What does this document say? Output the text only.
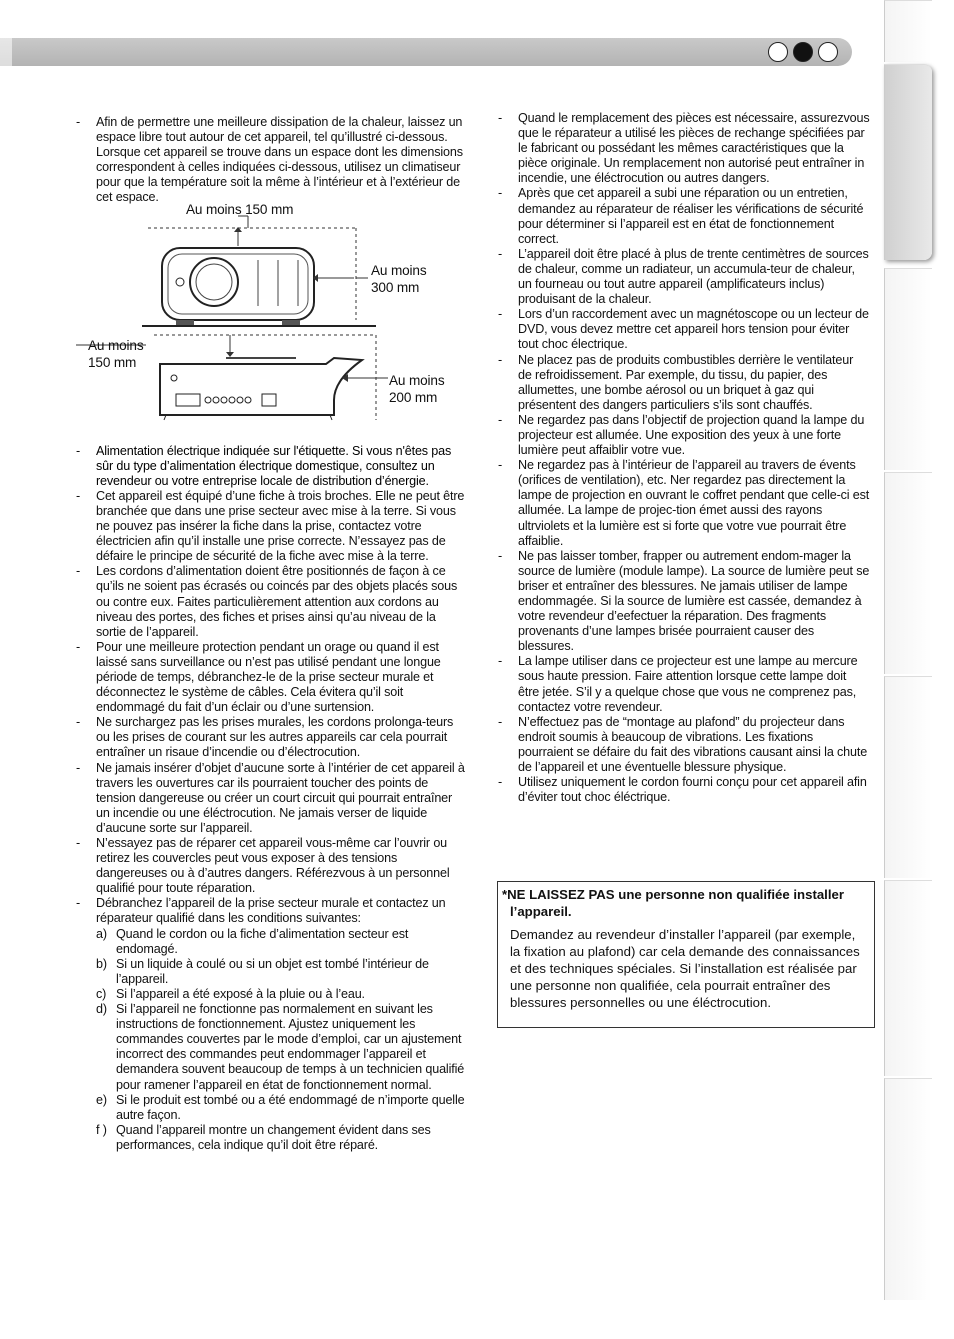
-	Afin de permettre une meilleure dissipation de la chaleur, laissez un espace libre tout autour de cet appareil, tel qu’illustré ci-dessous. Lorsque cet appareil se trouve dans un espace dont les dimensions correspondent à celles indiquées ci-dessous, utilisez un climatiseur pour que la température soit la même à l’intérieur et à l’extérieur de cet espace.
Au moins 150 mm
Au moins
300 mm
Au moins
150 mm
Au moins
200 mm
-	Alimentation électrique indiquée sur l'étiquette. Si vous n'êtes pas sûr du type d’alimentation électrique domestique, consultez un revendeur ou votre entreprise locale de distribution d’énergie.
-	Cet appareil est équipé d’une fiche à trois broches. Elle ne peut être branchée que dans une prise secteur avec mise à la terre. Si vous ne pouvez pas insérer la fiche dans la prise, contactez votre électricien afin qu’il installe une prise correcte. N’essayez pas de défaire le principe de sécurité de la fiche avec mise à la terre.
-	Les cordons d’alimentation doient être positionnés de façon à ce qu’ils ne soient pas écrasés ou coincés par des objets placés sous ou contre eux. Faites particulièrement attention aux cordons au niveau des portes, des fiches et prises ainsi qu’au niveau de la sortie de l’appareil.
-	Pour une meilleure protection pendant un orage ou quand il est laissé sans surveillance ou n’est pas utilisé pendant une longue période de temps, débranchez-le de la prise secteur murale et déconnectez le système de câbles. Cela évitera qu’il soit endommagé du fait d’un éclair ou d’une surtension.
-	Ne surchargez pas les prises murales, les cordons prolonga-teurs ou les prises de courant sur les autres appareils car cela pourrait entraîner un risaue d’incendie ou d’électrocution.
-	Ne jamais insérer d’objet d’aucune sorte à l’intérier de cet appareil à travers les ouvertures car ils pourraient toucher des points de tension dangereuse ou créer un court circuit qui pourrait entraîner un incendie ou une éléctrocution. Ne jamais verser de liquide d’aucune sorte sur l’appareil.
-	N’essayez pas de réparer cet appareil vous-même car l’ouvrir ou retirez les couvercles peut vous exposer à des tensions dangereuses ou à d’autres dangers. Référezvous à un personnel qualifié pour toute réparation.
-	Débranchez l’appareil de la prise secteur murale et contactez un réparateur qualifié dans les conditions suivantes:
a) Quand le cordon ou la fiche d’alimentation secteur est endomagé.
b) Si un liquide à coulé ou si un objet est tombé l’intérieur de l’appareil.
c) Si l’appareil a été exposé à la pluie ou à l’eau.
d) Si l’appareil ne fonctionne pas normalement en suivant les instructions de fonctionnement. Ajustez uniquement les commandes couvertes par le mode d’emploi, car un ajustement incorrect des commandes peut endommager l’appareil et demandera souvent beaucoup de temps à un technicien qualifié pour ramener l’appareil en état de fonctionnement normal.
e) Si le produit est tombé ou a été endommagé de n’importe quelle autre façon.
f ) Quand l’appareil montre un changement évident dans ses performances, cela indique qu’il doit être réparé.
-	Quand le remplacement des pièces est nécessaire, assurezvous que le réparateur a utilisé les pièces de rechange spécifiées par le fabricant ou possédant les mêmes caractéristiques que la pièce originale. Un remplacement non autorisé peut entraîner in incendie, une éléctrocution ou autres dangers.
-	Après que cet appareil a subi une réparation ou un entretien, demandez au réparateur de réaliser les vérifications de sécurité pour déterminer si l’appareil est en état de fonctionnement correct.
-	L’appareil doit être placé à plus de trente centimètres de sources de chaleur, comme un radiateur, un accumula-teur de chaleur, un fourneau ou tout autre appareil (amplificateurs inclus) produisant de la chaleur.
-	Lors d’un raccordement avec un magnétoscope ou un lecteur de DVD, vous devez mettre cet appareil hors tension pour éviter tout choc électrique.
-	Ne placez pas de produits combustibles derrière le ventilateur de refroidissement. Par exemple, du tissu, du papier, des allumettes, une bombe aérosol ou un briquet à gaz qui présentent des dangers particuliers s’ils sont chauffés.
-	Ne regardez pas dans l’objectif de projection quand la lampe du projecteur est allumée. Une exposition des yeux à une forte lumière peut affaiblir votre vue.
-	Ne regardez pas à l’intérieur de l’appareil au travers de évents (orifices de ventilation), etc. Ner regardez pas directement la lampe de projection en ouvrant le coffret pendant que celle-ci est allumée. La lampe de projec-tion émet aussi des rayons ultrviolets et la lumière est si forte que votre vue pourrait être affaiblie.
-	Ne pas laisser tomber, frapper ou autrement endom-mager la source de lumière (module lampe). La source de lumière peut se briser et entraîner des blessures. Ne jamais utiliser de lampe endommagée. Si la source de lumière est cassée, demandez à votre revendeur d’eefectuer la réparation. Des fragments provenants d’une lampes brisée pourraient causer des blessures.
-	La lampe utiliser dans ce projecteur est une lampe au mercure sous haute pression. Faire attention lorsque cette lampe doit être jetée. S’il y a quelque chose que vous ne comprenez pas, contactez votre revendeur.
-	N’effectuez pas de “montage au plafond” du projecteur dans endroit soumis à beaucoup de vibrations. Les fixations pourraient se défaire du fait des vibrations causant ainsi la chute de l’appareil et une éventuelle blessure physique.
-	Utilisez uniquement le cordon fourni conçu pour cet appareil afin d’éviter tout choc éléctrique.
*NE LAISSEZ PAS une personne non qualifiée installer
l’appareil.
Demandez au revendeur d’installer l’appareil (par exemple, la fixation au plafond) car cela demande des connaissances et des techniques spéciales. Si l’installation est réalisée par une personne non qualifiée, cela pourrait entraîner des blessures personnelles ou une éléctrocution.
